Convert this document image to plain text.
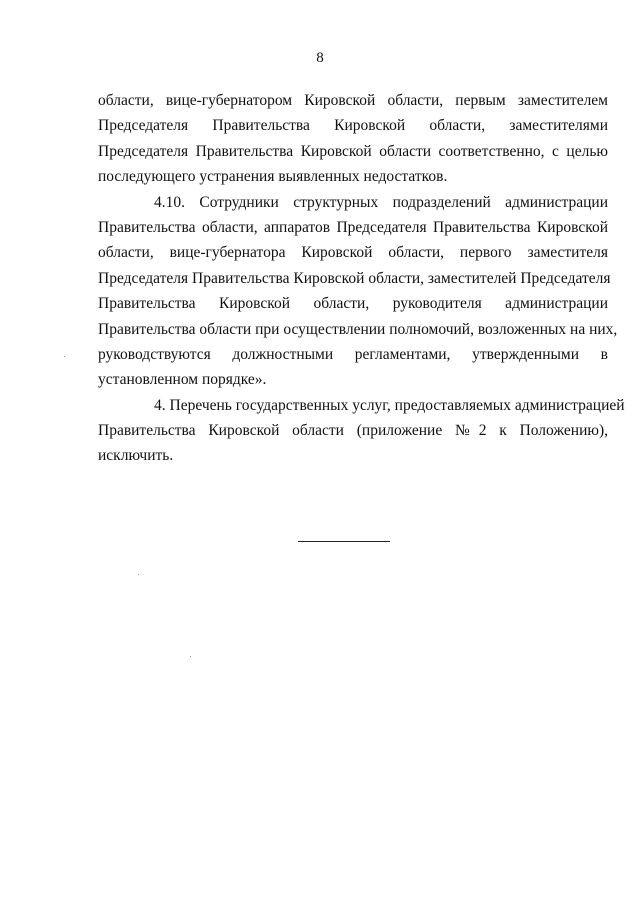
8
области, вице-губернатором Кировской области, первым заместителем
Председателя Правительства Кировской области, заместителями
Председателя Правительства Кировской области соответственно, с целью
последующего устранения выявленных недостатков.
4.10. Сотрудники структурных подразделений администрации
Правительства области, аппаратов Председателя Правительства Кировской
области, вице-губернатора Кировской области, первого заместителя
Председателя Правительства Кировской области, заместителей Председателя
Правительства Кировской области, руководителя администрации
Правительства области при осуществлении полномочий, возложенных на них,
руководствуются должностными регламентами, утвержденными в
установленном порядке».
4. Перечень государственных услуг, предоставляемых администрацией
Правительства Кировской области (приложение №2 к Положению),
исключить.
